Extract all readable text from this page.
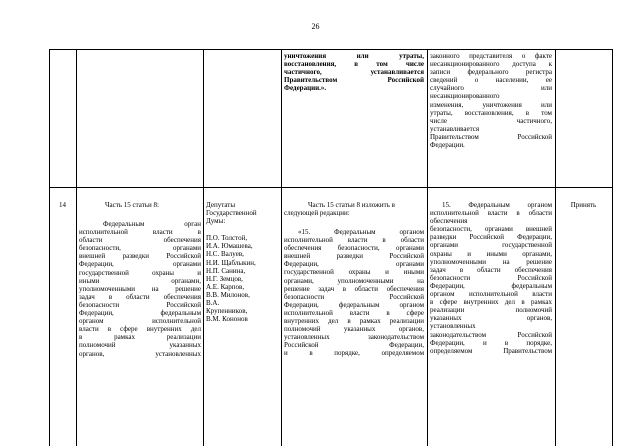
26
уничтожения или утраты,
восстановления, в том числе
частичного, устанавливается
Правительством Российской
Федерации.».
законного представителя о факте
несанкционированного доступа к
записи федерального регистра
сведений о населении, ее
случайного или
несанкционированного
изменения, уничтожения или
утраты, восстановления, в том
числе частичного,
устанавливается
Правительством Российской
Федерации.
14	Часть 15 статьи 8:
Федеральным орган
исполнительной власти в
области обеспечения
безопасности, органами
внешней разведки Российской
Федерации, органами
государственной охраны и
иными органами,
уполномоченными на решение
задач в области обеспечения
безопасности Российской
Федерации, федеральным
органом исполнительной
власти в сфере внутренних дел
в рамках реализации
полномочий указанных
органов, установленных
Депутаты
Государственной
Думы:
П.О. Толстой,
И.А. Юмашева,
Н.С. Валуев,
Н.И. Щаблыкин,
Н.П. Санина,
Н.Г. Земцов,
А.Е. Карпов,
В.В. Милонов,
В.А.
Крупенников,
В.М. Кононов
Часть 15 статьи 8 изложить в
следующей редакции:
«15. Федеральным органом
исполнительной власти в области
обеспечения безопасности, органами
внешней разведки Российской
Федерации, органами
государственной охраны и иными
органами, уполномоченными на
решение задач в области обеспечения
безопасности Российской
Федерации, федеральным органом
исполнительной власти в сфере
внутренних дел в рамках реализации
полномочий указанных органов,
установленных законодательством
Российской Федерации,
и в порядке, определяемом
15. Федеральным органом
исполнительной власти в области
обеспечения
безопасности, органами внешней
разведки Российской Федерации,
органами государственной
охраны и иными органами,
уполномоченными на решение
задач в области обеспечения
безопасности Российской
Федерации, федеральным
органом исполнительной власти
в сфере внутренних дел в рамках
реализации полномочий
указанных органов,
установленных
законодательством Российской
Федерации, и в порядке,
определяемом Правительством
Принять
